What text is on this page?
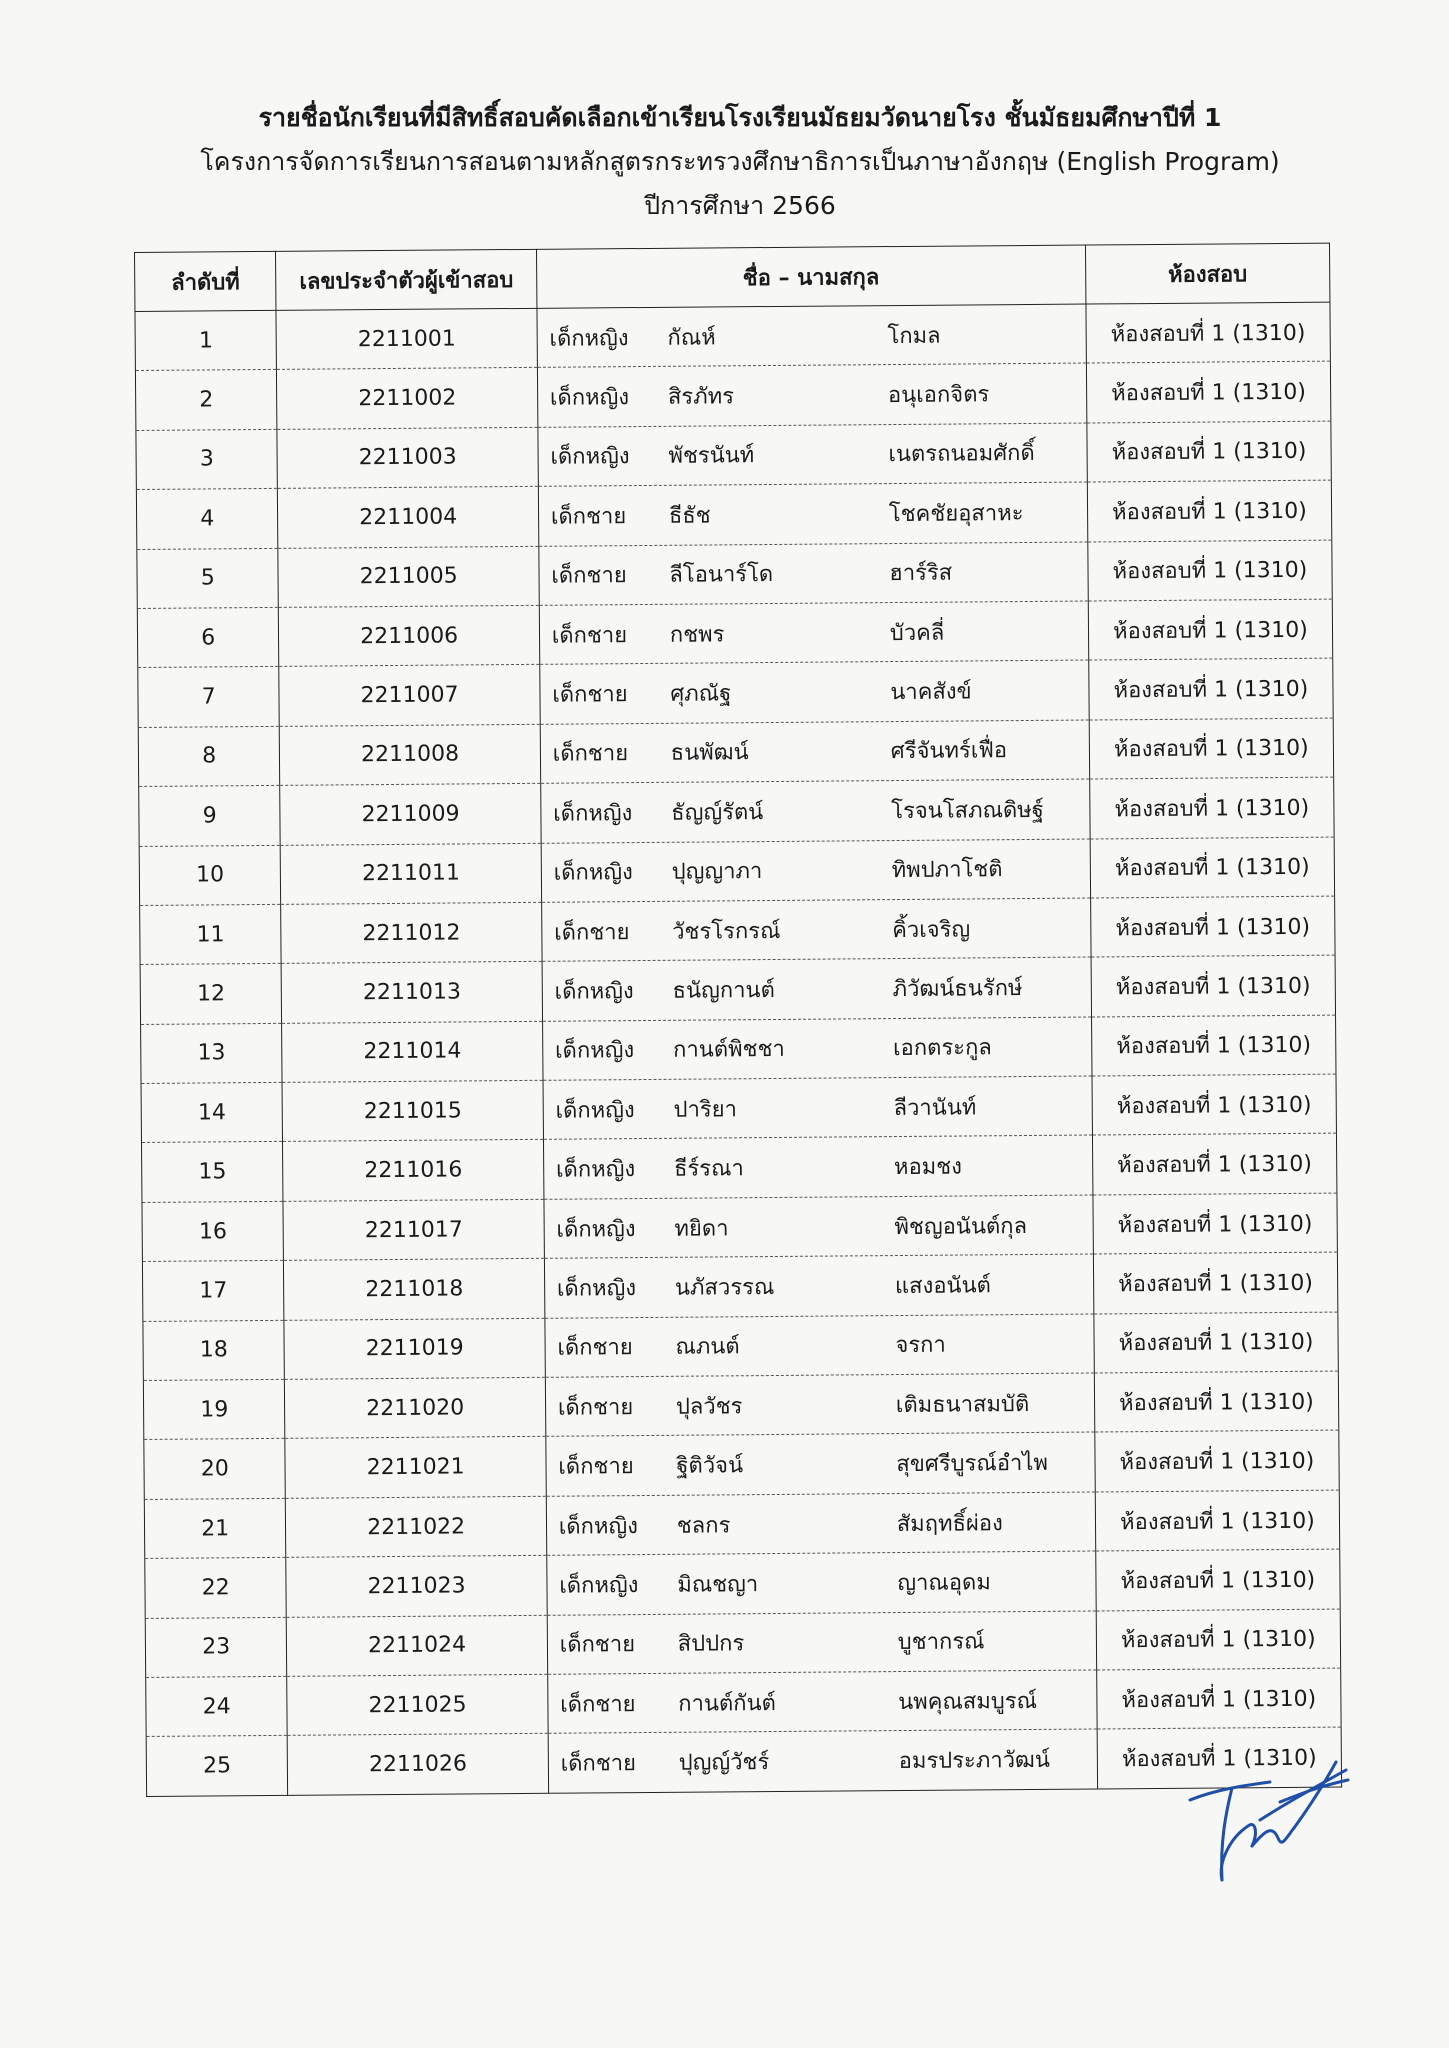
รายชื่อนักเรียนที่มีสิทธิ์สอบคัดเลือกเข้าเรียนโรงเรียนมัธยมวัดนายโรง ชั้นมัธยมศึกษาปีที่ 1
โครงการจัดการเรียนการสอนตามหลักสูตรกระทรวงศึกษาธิการเป็นภาษาอังกฤษ (English Program)
ปีการศึกษา 2566
ลำดับที่	เลขประจำตัวผู้เข้าสอบ	ชื่อ – นามสกุล	ห้องสอบ
1	2211001	เด็กหญิง กัณห์ โกมล	ห้องสอบที่ 1 (1310)
2	2211002	เด็กหญิง สิรภัทร อนุเอกจิตร	ห้องสอบที่ 1 (1310)
3	2211003	เด็กหญิง พัชรนันท์ เนตรถนอมศักดิ์	ห้องสอบที่ 1 (1310)
4	2211004	เด็กชาย ธีธัช โชคชัยอุสาหะ	ห้องสอบที่ 1 (1310)
5	2211005	เด็กชาย ลีโอนาร์โด ฮาร์ริส	ห้องสอบที่ 1 (1310)
6	2211006	เด็กชาย กชพร บัวคลี่	ห้องสอบที่ 1 (1310)
7	2211007	เด็กชาย ศุภณัฐ นาคสังข์	ห้องสอบที่ 1 (1310)
8	2211008	เด็กชาย ธนพัฒน์ ศรีจันทร์เฟื่อ	ห้องสอบที่ 1 (1310)
9	2211009	เด็กหญิง ธัญญ์รัตน์ โรจนโสภณดิษฐ์	ห้องสอบที่ 1 (1310)
10	2211011	เด็กหญิง ปุญญาภา ทิพปภาโชติ	ห้องสอบที่ 1 (1310)
11	2211012	เด็กชาย วัชรโรกรณ์ คิ้วเจริญ	ห้องสอบที่ 1 (1310)
12	2211013	เด็กหญิง ธนัญกานต์ ภิวัฒน์ธนรักษ์	ห้องสอบที่ 1 (1310)
13	2211014	เด็กหญิง กานต์พิชชา เอกตระกูล	ห้องสอบที่ 1 (1310)
14	2211015	เด็กหญิง ปาริยา ลีวานันท์	ห้องสอบที่ 1 (1310)
15	2211016	เด็กหญิง ธีร์รณา หอมชง	ห้องสอบที่ 1 (1310)
16	2211017	เด็กหญิง ทยิดา พิชญอนันต์กุล	ห้องสอบที่ 1 (1310)
17	2211018	เด็กหญิง นภัสวรรณ แสงอนันต์	ห้องสอบที่ 1 (1310)
18	2211019	เด็กชาย ณภนต์ จรกา	ห้องสอบที่ 1 (1310)
19	2211020	เด็กชาย ปุลวัชร เติมธนาสมบัติ	ห้องสอบที่ 1 (1310)
20	2211021	เด็กชาย ฐิติวัจน์ สุขศรีบูรณ์อำไพ	ห้องสอบที่ 1 (1310)
21	2211022	เด็กหญิง ชลกร สัมฤทธิ์ผ่อง	ห้องสอบที่ 1 (1310)
22	2211023	เด็กหญิง มิณชญา ญาณอุดม	ห้องสอบที่ 1 (1310)
23	2211024	เด็กชาย สิปปกร บูชากรณ์	ห้องสอบที่ 1 (1310)
24	2211025	เด็กชาย กานต์กันต์ นพคุณสมบูรณ์	ห้องสอบที่ 1 (1310)
25	2211026	เด็กชาย ปุญญ์วัชร์ อมรประภาวัฒน์	ห้องสอบที่ 1 (1310)
